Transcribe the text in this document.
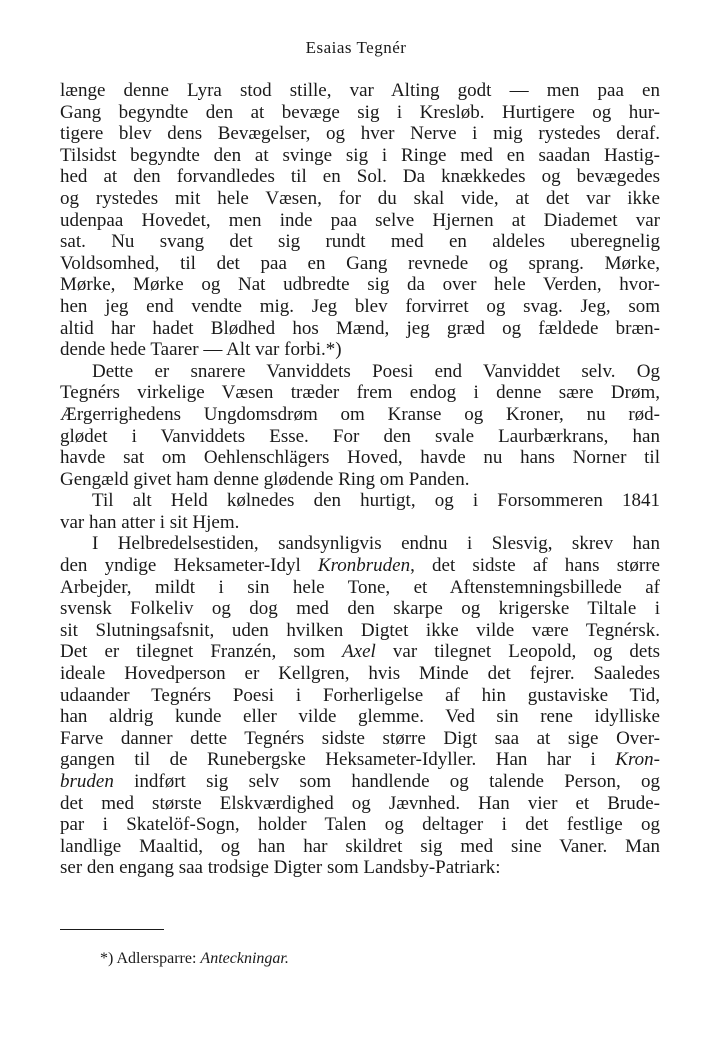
Esaias Tegnér
længe denne Lyra stod stille, var Alting godt — men paa en
Gang begyndte den at bevæge sig i Kresløb. Hurtigere og hur-
tigere blev dens Bevægelser, og hver Nerve i mig rystedes deraf.
Tilsidst begyndte den at svinge sig i Ringe med en saadan Hastig-
hed at den forvandledes til en Sol. Da knækkedes og bevægedes
og rystedes mit hele Væsen, for du skal vide, at det var ikke
udenpaa Hovedet, men inde paa selve Hjernen at Diademet var
sat. Nu svang det sig rundt med en aldeles uberegnelig
Voldsomhed, til det paa en Gang revnede og sprang. Mørke,
Mørke, Mørke og Nat udbredte sig da over hele Verden, hvor-
hen jeg end vendte mig. Jeg blev forvirret og svag. Jeg, som
altid har hadet Blødhed hos Mænd, jeg græd og fældede bræn-
dende hede Taarer — Alt var forbi.*)
Dette er snarere Vanviddets Poesi end Vanviddet selv. Og
Tegnérs virkelige Væsen træder frem endog i denne sære Drøm,
Ærgerrighedens Ungdomsdrøm om Kranse og Kroner, nu rød-
glødet i Vanviddets Esse. For den svale Laurbærkrans, han
havde sat om Oehlenschlägers Hoved, havde nu hans Norner til
Gengæld givet ham denne glødende Ring om Panden.
Til alt Held kølnedes den hurtigt, og i Forsommeren 1841
var han atter i sit Hjem.
I Helbredelsestiden, sandsynligvis endnu i Slesvig, skrev han
den yndige Heksameter-Idyl Kronbruden, det sidste af hans større
Arbejder, mildt i sin hele Tone, et Aftenstemningsbillede af
svensk Folkeliv og dog med den skarpe og krigerske Tiltale i
sit Slutningsafsnit, uden hvilken Digtet ikke vilde være Tegnérsk.
Det er tilegnet Franzén, som Axel var tilegnet Leopold, og dets
ideale Hovedperson er Kellgren, hvis Minde det fejrer. Saaledes
udaander Tegnérs Poesi i Forherligelse af hin gustaviske Tid,
han aldrig kunde eller vilde glemme. Ved sin rene idylliske
Farve danner dette Tegnérs sidste større Digt saa at sige Over-
gangen til de Runebergske Heksameter-Idyller. Han har i Kron-
bruden indført sig selv som handlende og talende Person, og
det med største Elskværdighed og Jævnhed. Han vier et Brude-
par i Skatelöf-Sogn, holder Talen og deltager i det festlige og
landlige Maaltid, og han har skildret sig med sine Vaner. Man
ser den engang saa trodsige Digter som Landsby-Patriark:
*) Adlersparre: Anteckningar.
